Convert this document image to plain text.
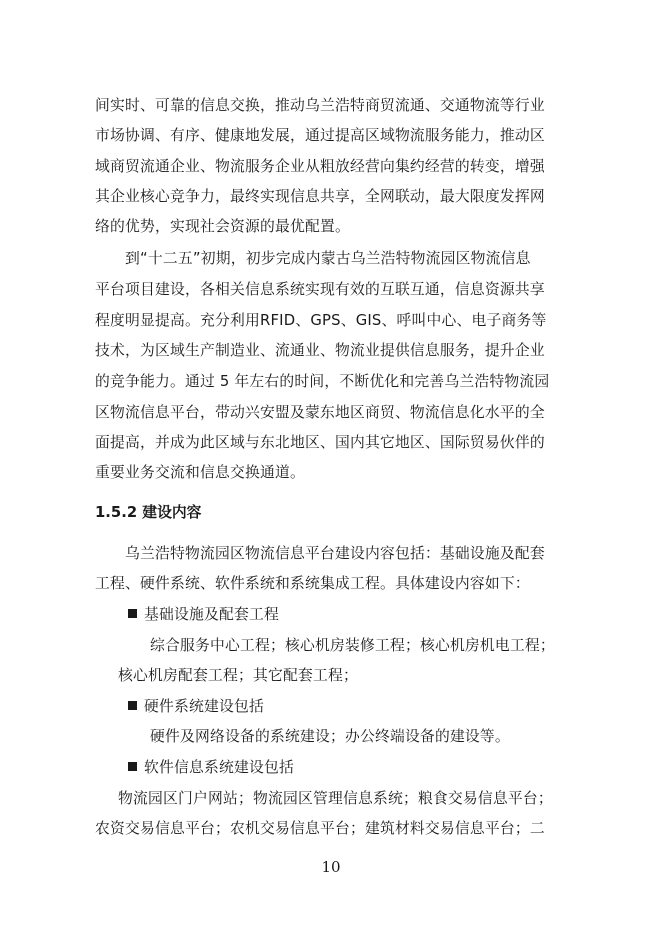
间实时、可靠的信息交换，推动乌兰浩特商贸流通、交通物流等行业
市场协调、有序、健康地发展，通过提高区域物流服务能力，推动区
域商贸流通企业、物流服务企业从粗放经营向集约经营的转变，增强
其企业核心竞争力，最终实现信息共享，全网联动，最大限度发挥网
络的优势，实现社会资源的最优配置。
到“十二五”初期，初步完成内蒙古乌兰浩特物流园区物流信息
平台项目建设，各相关信息系统实现有效的互联互通，信息资源共享
程度明显提高。充分利用RFID、GPS、GIS、呼叫中心、电子商务等
技术，为区域生产制造业、流通业、物流业提供信息服务，提升企业
的竞争能力。通过 5 年左右的时间，不断优化和完善乌兰浩特物流园
区物流信息平台，带动兴安盟及蒙东地区商贸、物流信息化水平的全
面提高，并成为此区域与东北地区、国内其它地区、国际贸易伙伴的
重要业务交流和信息交换通道。
1.5.2 建设内容
乌兰浩特物流园区物流信息平台建设内容包括：基础设施及配套
工程、硬件系统、软件系统和系统集成工程。具体建设内容如下：
基础设施及配套工程
综合服务中心工程；核心机房装修工程；核心机房机电工程；
核心机房配套工程；其它配套工程；
硬件系统建设包括
硬件及网络设备的系统建设；办公终端设备的建设等。
软件信息系统建设包括
物流园区门户网站；物流园区管理信息系统；粮食交易信息平台；
农资交易信息平台；农机交易信息平台；建筑材料交易信息平台；二
10
